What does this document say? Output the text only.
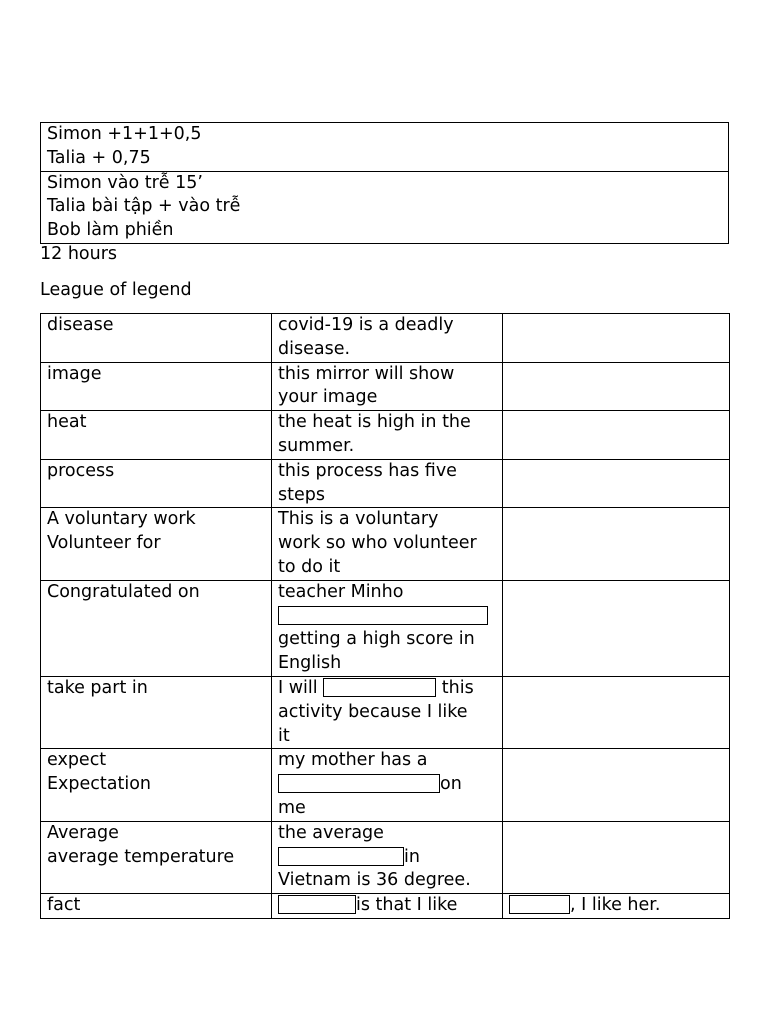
Simon +1+1+0,5
Talia + 0,75

Simon vào trễ 15’
Talia bài tập + vào trễ
Bob làm phiền
12 hours
League of legend
disease	covid-19 is a deadly
disease.	

image	this mirror will show
your image	

heat	the heat is high in the
summer.	

process	this process has five
steps	

A voluntary work
Volunteer for	This is a voluntary
work so who volunteer
to do it	

Congratulated on	teacher Minho
getting a high score in
English	

take part in	I will this
activity because I like
it	

expect
Expectation	my mother has a
on
me	

Average
average temperature	the average
in
Vietnam is 36 degree.	

fact	is that I like	, I like her.
